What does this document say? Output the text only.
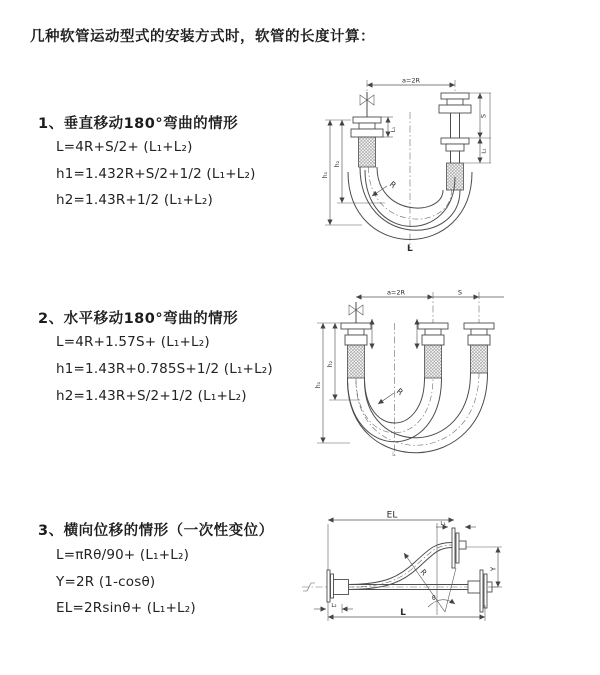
几种软管运动型式的安装方式时，软管的长度计算：
1、垂直移动180°弯曲的情形
L=4R+S/2+ (L₁+L₂)
h1=1.432R+S/2+1/2 (L₁+L₂)
h2=1.43R+1/2 (L₁+L₂)
2、水平移动180°弯曲的情形
L=4R+1.57S+ (L₁+L₂)
h1=1.43R+0.785S+1/2 (L₁+L₂)
h2=1.43R+S/2+1/2 (L₁+L₂)
3、横向位移的情形（一次性变位）
L=πRθ/90+ (L₁+L₂)
Y=2R (1-cosθ)
EL=2Rsinθ+ (L₁+L₂)
a=2R
L₁
S
L₁
h₂
h₁
R
L
a=2R	S
h₂
h₁
R
L
EL
L₁
Y
R
θ
L₂
L
